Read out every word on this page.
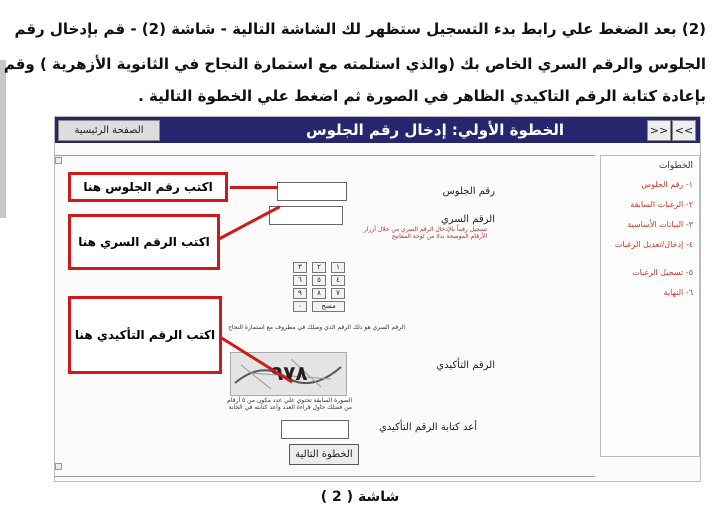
(2) بعد الضغط علي رابط بدء التسجيل ستظهر لك الشاشة التالية - شاشة (2) - قم بإدخال رقم
الجلوس والرقم السري الخاص بك (والذي استلمته مع استمارة النجاح في الثانوية الأزهرية ) وقم
بإعادة كتابة الرقم التاكيدي الظاهر في الصورة ثم اضغط علي الخطوة التالية .
الصفحة الرئيسية	الخطوة الأولي: إدخال رقم الجلوس	>> <<
رقم الجلوس
الرقم السري
تسجيل رقماً بالإدخال الرقم السري من خلال أزرار الأرقام الموضحة بدلا من لوحة المفاتيح
٣	٢	١
٦	٥	٤
٩	٨	٧
٠	مسح
الرقم السري هو ذلك الرقم الذي وصلك في مظروف مع استمارة النجاح
الرقم التأكيدي
٩٧٨
الصورة السابقة تحتوي علي عدد مكون من ٥ أرقام من فضلك حاول قراءة العدد وأعد كتابته في الخانة
أعد كتابة الرقم التأكيدي
الخطوة التالية
الخطوات
١- رقم الجلوس
٢- الرغبات السابقة
٣- البيانات الأساسية
٤- إدخال/تعديل الرغبات
٥- تسجيل الرغبات
٦- النهاية
اكتب رقم الجلوس هنا
اكتب الرقم السري هنا
اكتب الرقم التأكيدي هنا
شاشة ( 2 )
